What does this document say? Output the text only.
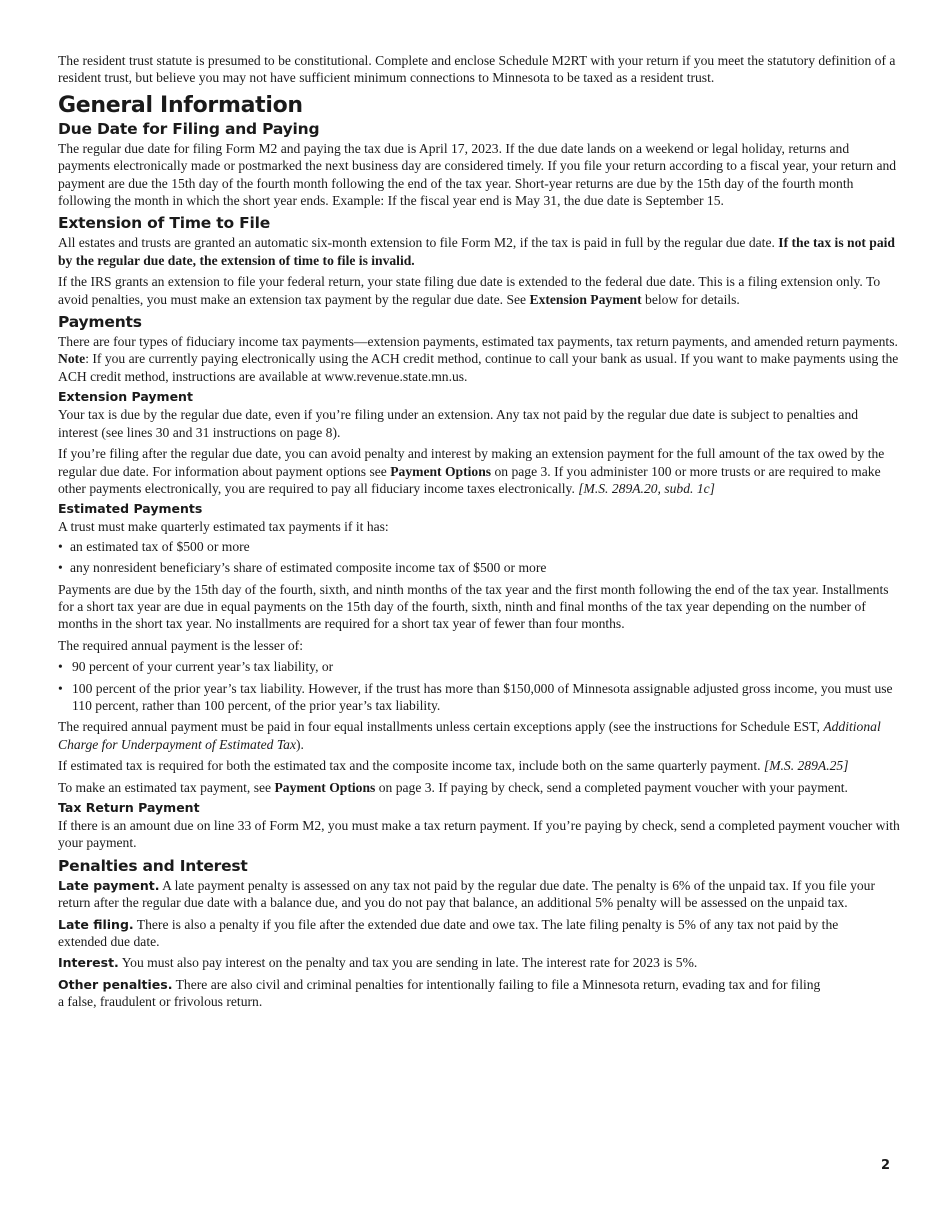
The resident trust statute is presumed to be constitutional. Complete and enclose Schedule M2RT with your return if you meet the statutory definition of a resident trust, but believe you may not have sufficient minimum connections to Minnesota to be taxed as a resident trust.

General Information
Due Date for Filing and Paying

The regular due date for filing Form M2 and paying the tax due is April 17, 2023. If the due date lands on a weekend or legal holiday, returns and payments electronically made or postmarked the next business day are considered timely. If you file your return according to a fiscal year, your return and payment are due the 15th day of the fourth month following the end of the tax year. Short-year returns are due by the 15th day of the fourth month following the month in which the short year ends. Example: If the fiscal year end is May 31, the due date is September 15.

Extension of Time to File

All estates and trusts are granted an automatic six-month extension to file Form M2, if the tax is paid in full by the regular due date. If the tax is not paid by the regular due date, the extension of time to file is invalid.

If the IRS grants an extension to file your federal return, your state filing due date is extended to the federal due date. This is a filing extension only. To avoid penalties, you must make an extension tax payment by the regular due date. See Extension Payment below for details.

Payments

There are four types of fiduciary income tax payments—extension payments, estimated tax payments, tax return payments, and amended return payments. Note: If you are currently paying electronically using the ACH credit method, continue to call your bank as usual. If you want to make payments using the ACH credit method, instructions are available at www.revenue.state.mn.us.

Extension Payment

Your tax is due by the regular due date, even if you’re filing under an extension. Any tax not paid by the regular due date is subject to penalties and interest (see lines 30 and 31 instructions on page 8).

If you’re filing after the regular due date, you can avoid penalty and interest by making an extension payment for the full amount of the tax owed by the regular due date. For information about payment options see Payment Options on page 3. If you administer 100 or more trusts or are required to make other payments electronically, you are required to pay all fiduciary income taxes electronically. [M.S. 289A.20, subd. 1c]

Estimated Payments

A trust must make quarterly estimated tax payments if it has:

• an estimated tax of $500 or more
• any nonresident beneficiary’s share of estimated composite income tax of $500 or more

Payments are due by the 15th day of the fourth, sixth, and ninth months of the tax year and the first month following the end of the tax year. Installments for a short tax year are due in equal payments on the 15th day of the fourth, sixth, ninth and final months of the tax year depending on the number of months in the short tax year. No installments are required for a short tax year of fewer than four months.

The required annual payment is the lesser of:

• 90 percent of your current year’s tax liability, or
• 100 percent of the prior year’s tax liability. However, if the trust has more than $150,000 of Minnesota assignable adjusted gross income, you must use 110 percent, rather than 100 percent, of the prior year’s tax liability.

The required annual payment must be paid in four equal installments unless certain exceptions apply (see the instructions for Schedule EST, Additional Charge for Underpayment of Estimated Tax).

If estimated tax is required for both the estimated tax and the composite income tax, include both on the same quarterly payment. [M.S. 289A.25]

To make an estimated tax payment, see Payment Options on page 3. If paying by check, send a completed payment voucher with your payment.

Tax Return Payment

If there is an amount due on line 33 of Form M2, you must make a tax return payment. If you’re paying by check, send a completed payment voucher with your payment.

Penalties and Interest

Late payment. A late payment penalty is assessed on any tax not paid by the regular due date. The penalty is 6% of the unpaid tax. If you file your return after the regular due date with a balance due, and you do not pay that balance, an additional 5% penalty will be assessed on the unpaid tax.

Late filing. There is also a penalty if you file after the extended due date and owe tax. The late filing penalty is 5% of any tax not paid by the extended due date.

Interest. You must also pay interest on the penalty and tax you are sending in late. The interest rate for 2023 is 5%.

Other penalties. There are also civil and criminal penalties for intentionally failing to file a Minnesota return, evading tax and for filing a false, fraudulent or frivolous return.

2
